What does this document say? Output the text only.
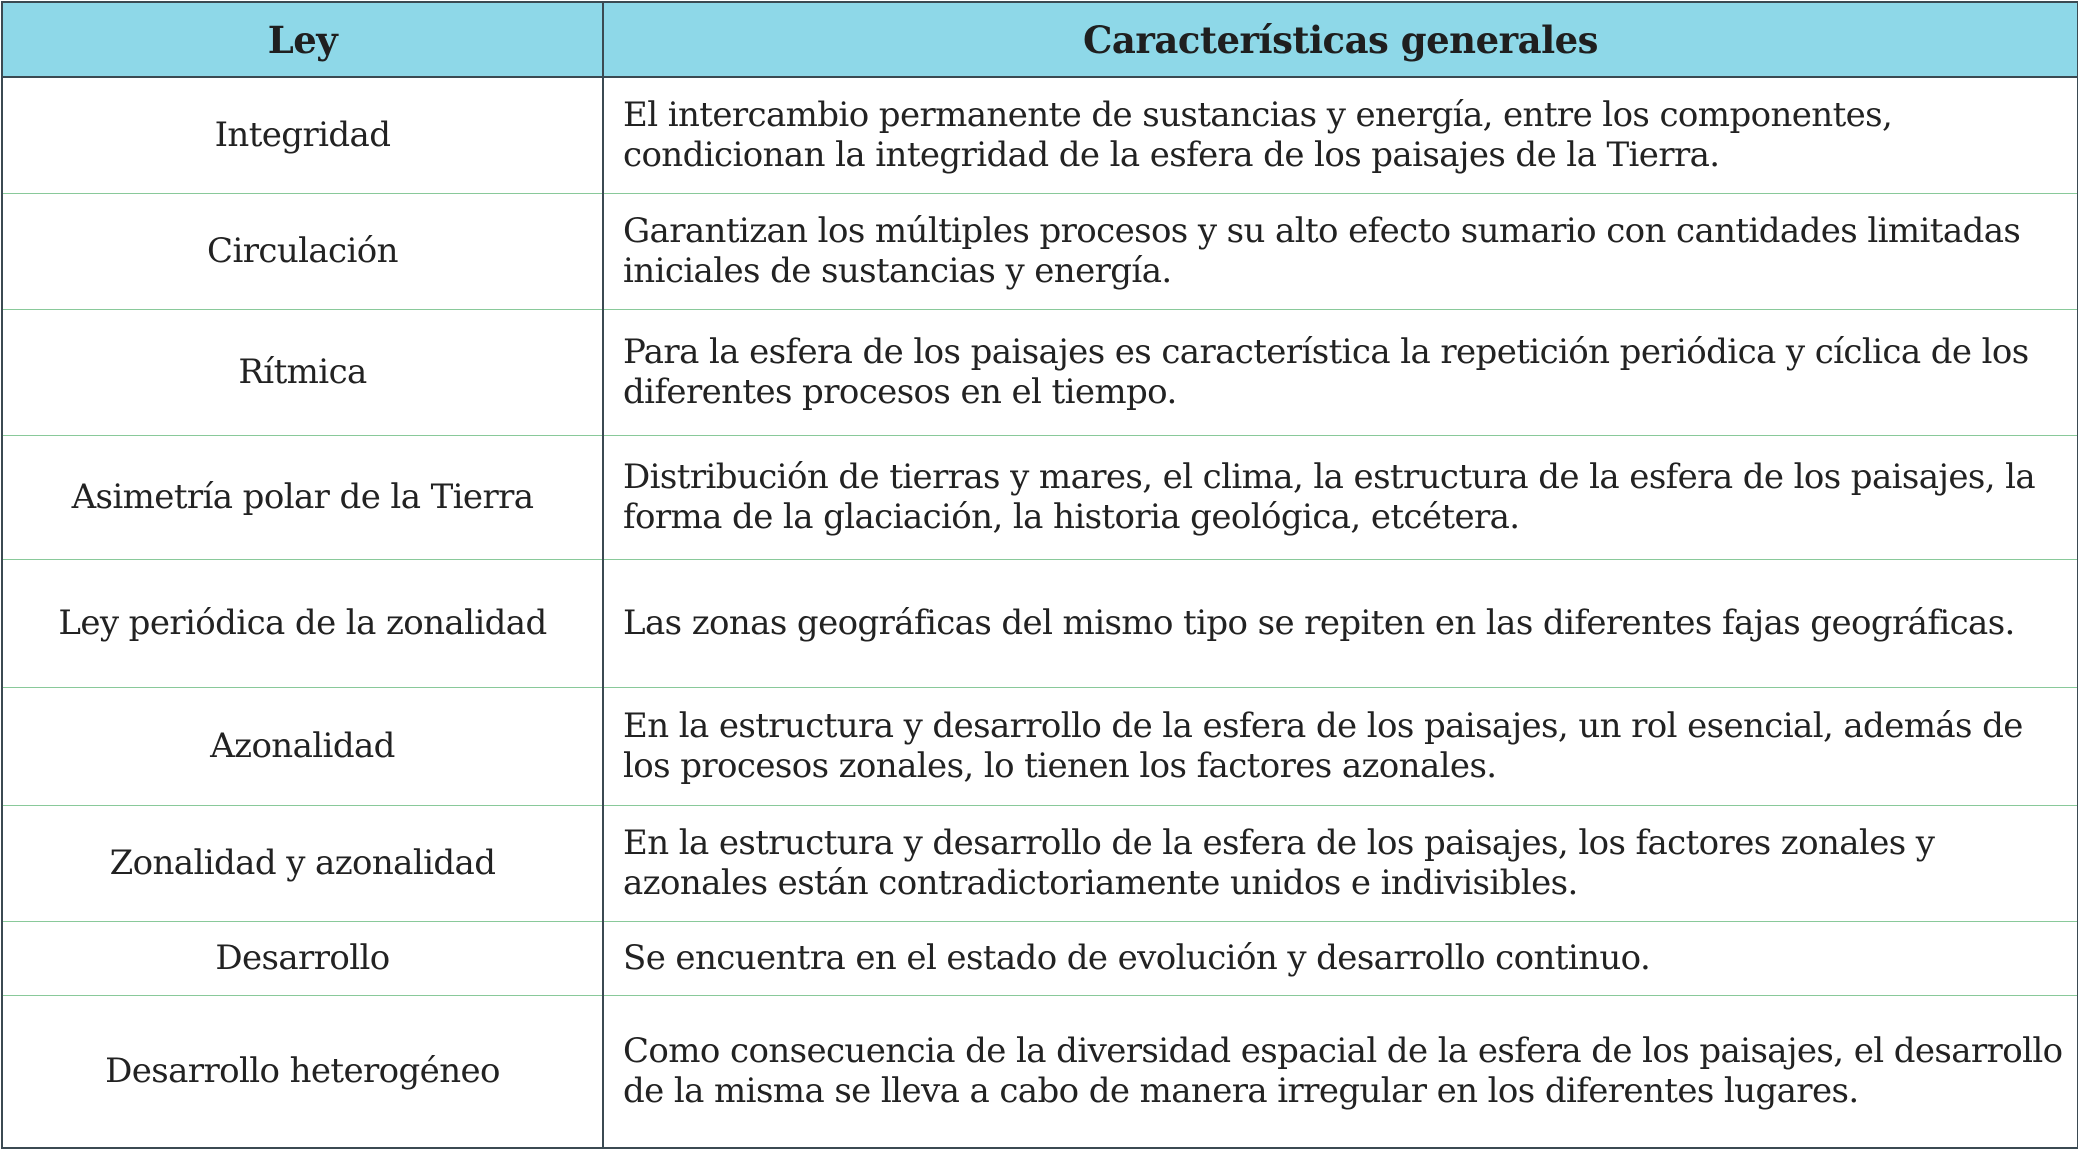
Ley	Características generales

Integridad	El intercambio permanente de sustancias y energía, entre los componentes, condicionan la integridad de la esfera de los paisajes de la Tierra.

Circulación	Garantizan los múltiples procesos y su alto efecto sumario con cantidades limitadas iniciales de sustancias y energía.

Rítmica	Para la esfera de los paisajes es característica la repetición periódica y cíclica de los diferentes procesos en el tiempo.

Asimetría polar de la Tierra	Distribución de tierras y mares, el clima, la estructura de la esfera de los paisajes, la forma de la glaciación, la historia geológica, etcétera.

Ley periódica de la zonalidad	Las zonas geográficas del mismo tipo se repiten en las diferentes fajas geográficas.

Azonalidad	En la estructura y desarrollo de la esfera de los paisajes, un rol esencial, además de los procesos zonales, lo tienen los factores azonales.

Zonalidad y azonalidad	En la estructura y desarrollo de la esfera de los paisajes, los factores zonales y azonales están contradictoriamente unidos e indivisibles.

Desarrollo	Se encuentra en el estado de evolución y desarrollo continuo.

Desarrollo heterogéneo	Como consecuencia de la diversidad espacial de la esfera de los paisajes, el desarrollo de la misma se lleva a cabo de manera irregular en los diferentes lugares.
